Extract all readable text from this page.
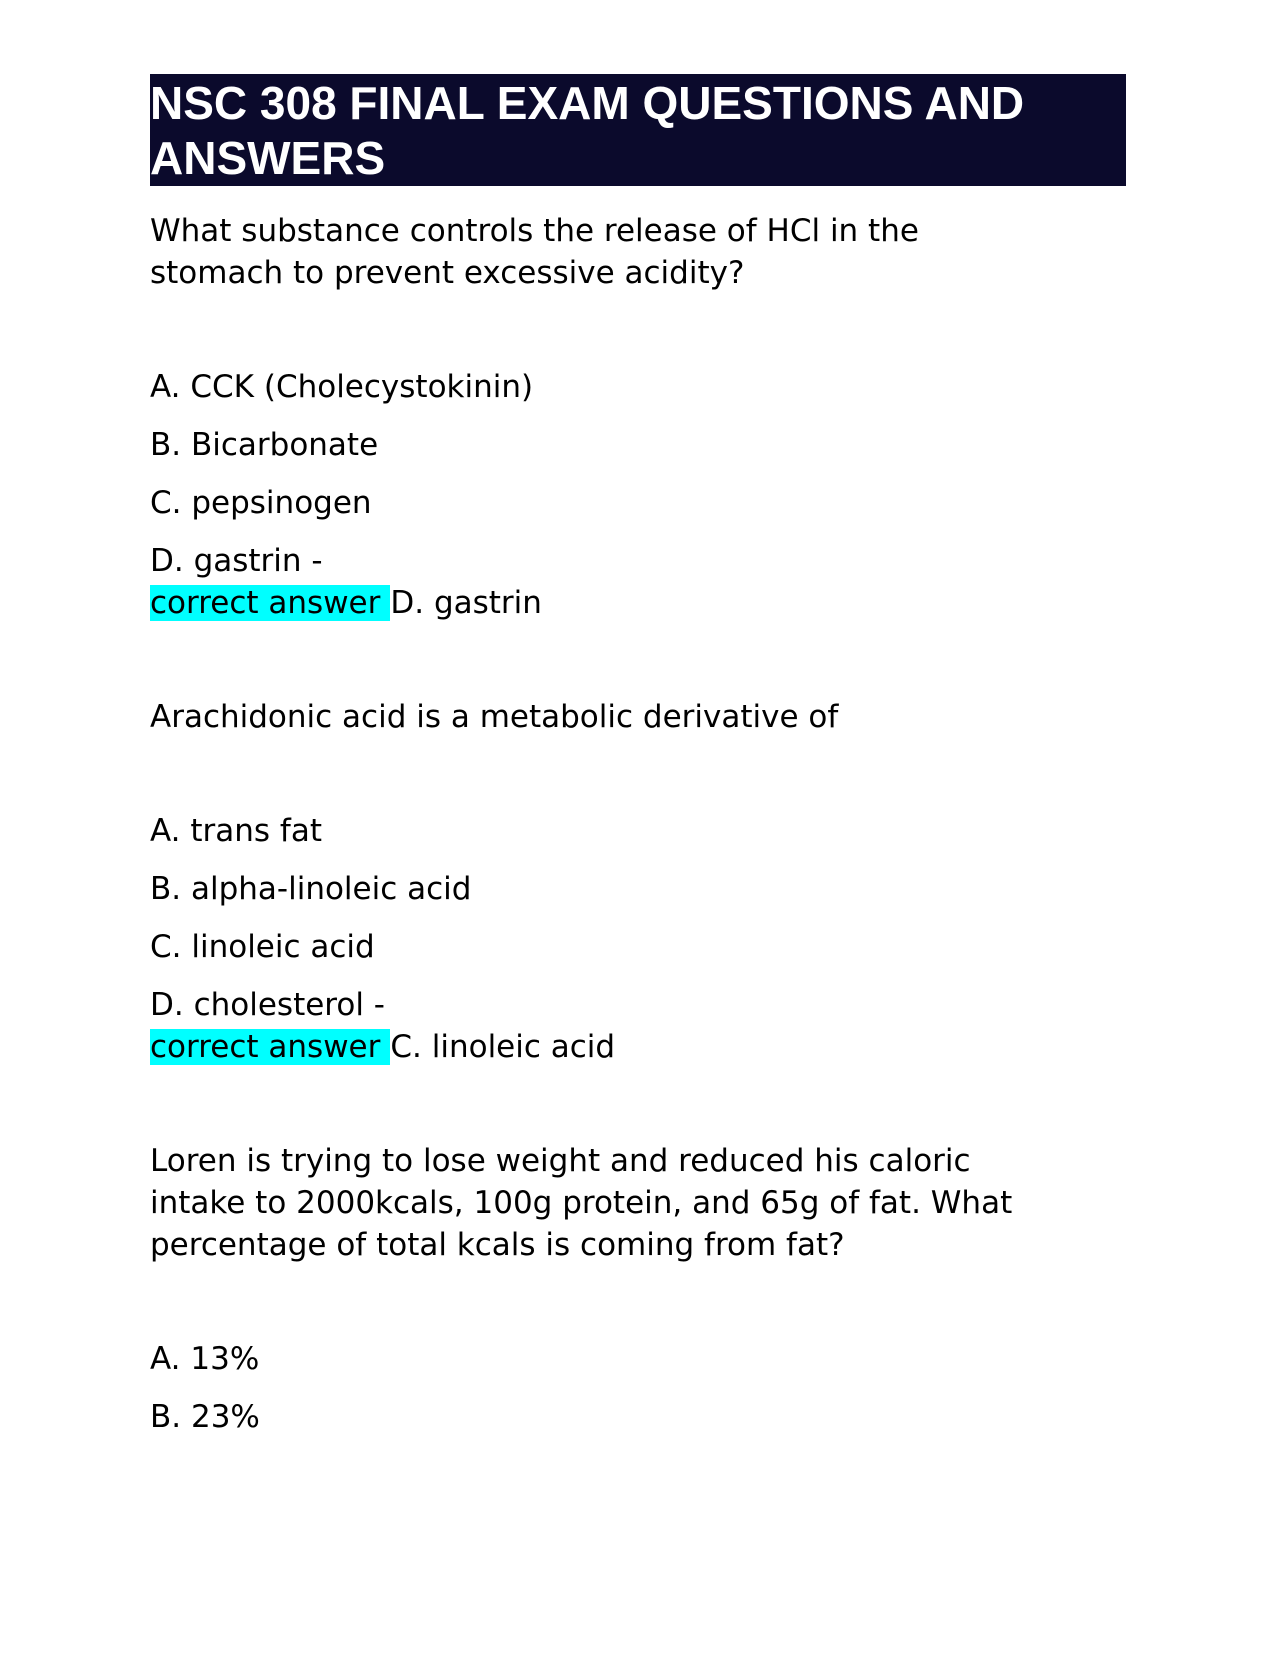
NSC 308 FINAL EXAM QUESTIONS AND
ANSWERS

What substance controls the release of HCl in the
stomach to prevent excessive acidity?

A. CCK (Cholecystokinin)

B. Bicarbonate

C. pepsinogen

D. gastrin -

correct answer D. gastrin

Arachidonic acid is a metabolic derivative of

A. trans fat

B. alpha-linoleic acid

C. linoleic acid

D. cholesterol -

correct answer C. linoleic acid

Loren is trying to lose weight and reduced his caloric
intake to 2000kcals, 100g protein, and 65g of fat. What
percentage of total kcals is coming from fat?

A. 13%

B. 23%
